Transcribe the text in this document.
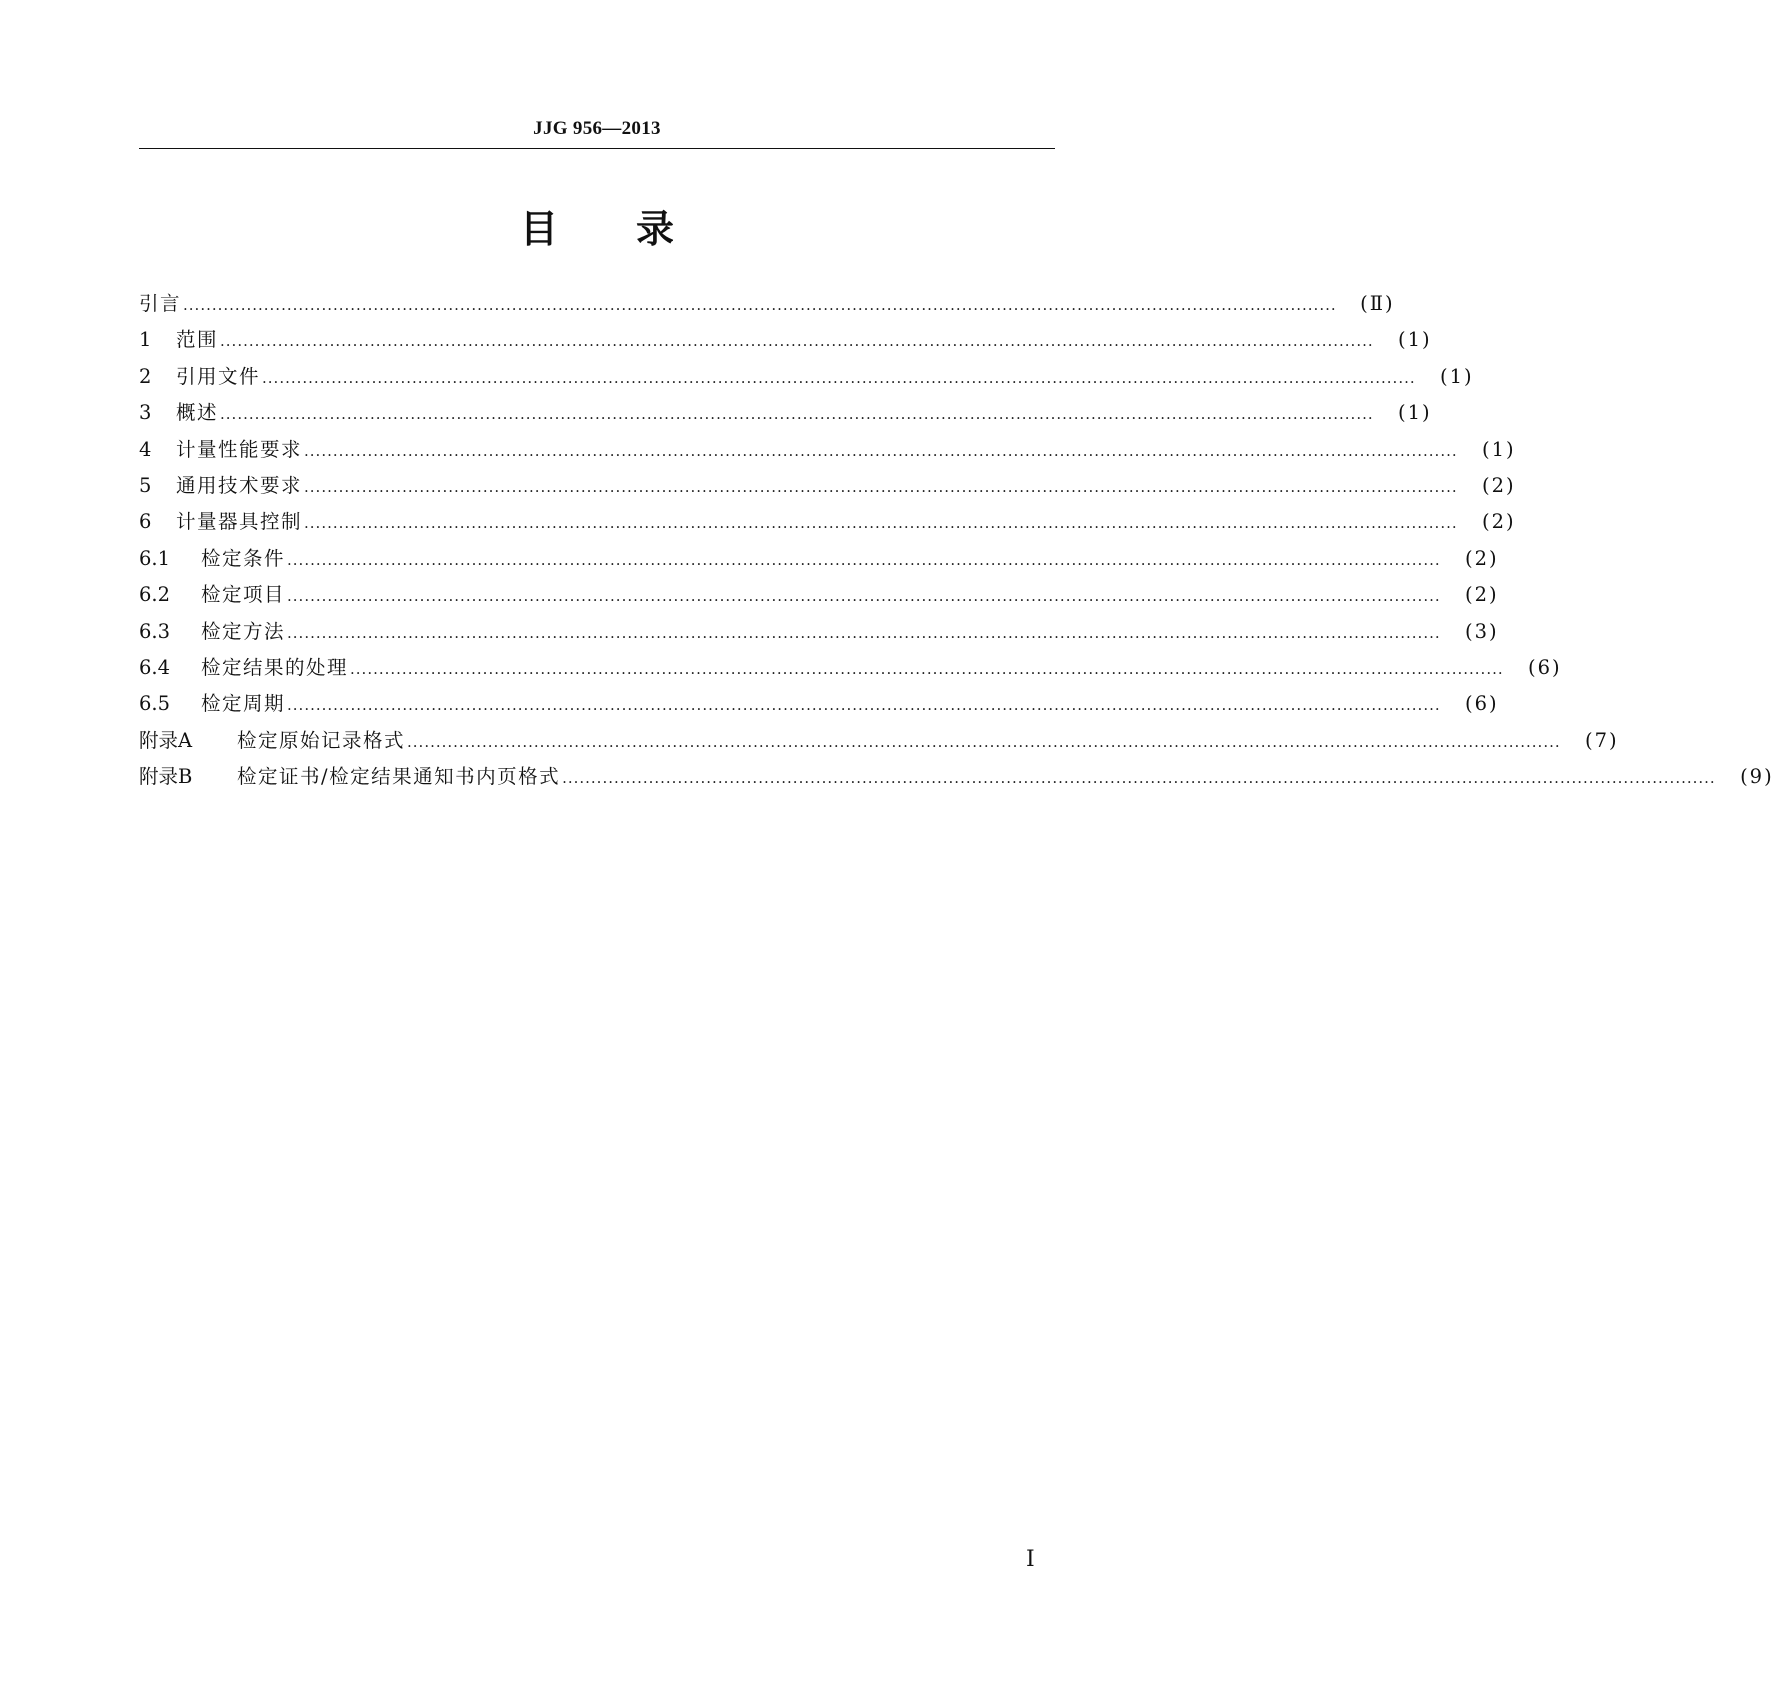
JJG 956—2013
目 录
引言 ........................................................................................................................................................................................................	(Ⅱ)
1	范围 ........................................................................................................................................................................................................	(1)
2	引用文件 ........................................................................................................................................................................................................	(1)
3	概述 ........................................................................................................................................................................................................	(1)
4	计量性能要求 ........................................................................................................................................................................................................	(1)
5	通用技术要求 ........................................................................................................................................................................................................	(2)
6	计量器具控制 ........................................................................................................................................................................................................	(2)
6.1	检定条件 ........................................................................................................................................................................................................	(2)
6.2	检定项目 ........................................................................................................................................................................................................	(2)
6.3	检定方法 ........................................................................................................................................................................................................	(3)
6.4	检定结果的处理 ........................................................................................................................................................................................................	(6)
6.5	检定周期 ........................................................................................................................................................................................................	(6)
附录A	检定原始记录格式 ........................................................................................................................................................................................................	(7)
附录B	检定证书/检定结果通知书内页格式 ........................................................................................................................................................................................................	(9)
Ⅰ
